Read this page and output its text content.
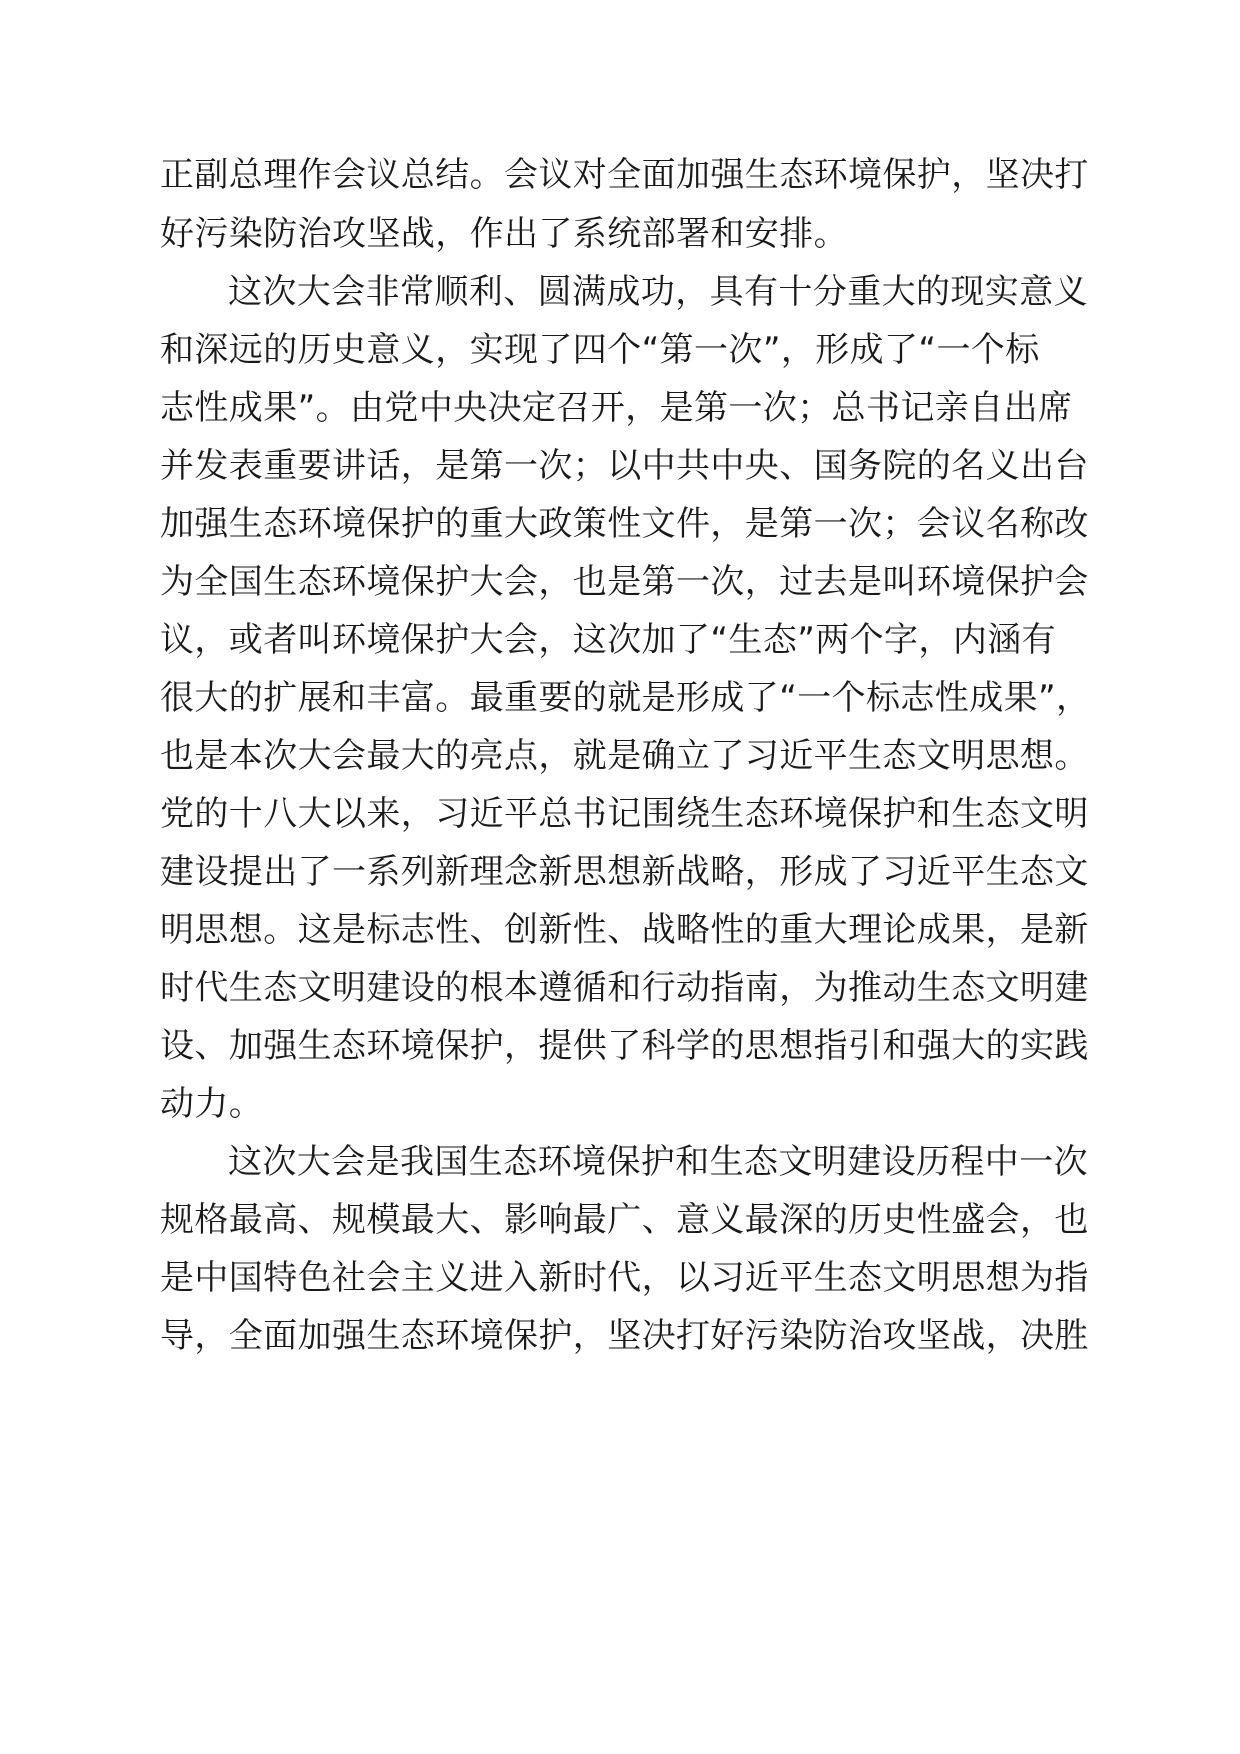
正副总理作会议总结。会议对全面加强生态环境保护，坚决打
好污染防治攻坚战，作出了系统部署和安排。
这次大会非常顺利、圆满成功，具有十分重大的现实意义
和深远的历史意义，实现了四个“第一次”，形成了“一个标
志性成果”。由党中央决定召开，是第一次；总书记亲自出席
并发表重要讲话，是第一次；以中共中央、国务院的名义出台
加强生态环境保护的重大政策性文件，是第一次；会议名称改
为全国生态环境保护大会，也是第一次，过去是叫环境保护会
议，或者叫环境保护大会，这次加了“生态”两个字，内涵有
很大的扩展和丰富。最重要的就是形成了“一个标志性成果”，
也是本次大会最大的亮点，就是确立了习近平生态文明思想。
党的十八大以来，习近平总书记围绕生态环境保护和生态文明
建设提出了一系列新理念新思想新战略，形成了习近平生态文
明思想。这是标志性、创新性、战略性的重大理论成果，是新
时代生态文明建设的根本遵循和行动指南，为推动生态文明建
设、加强生态环境保护，提供了科学的思想指引和强大的实践
动力。
这次大会是我国生态环境保护和生态文明建设历程中一次
规格最高、规模最大、影响最广、意义最深的历史性盛会，也
是中国特色社会主义进入新时代，以习近平生态文明思想为指
导，全面加强生态环境保护，坚决打好污染防治攻坚战，决胜
